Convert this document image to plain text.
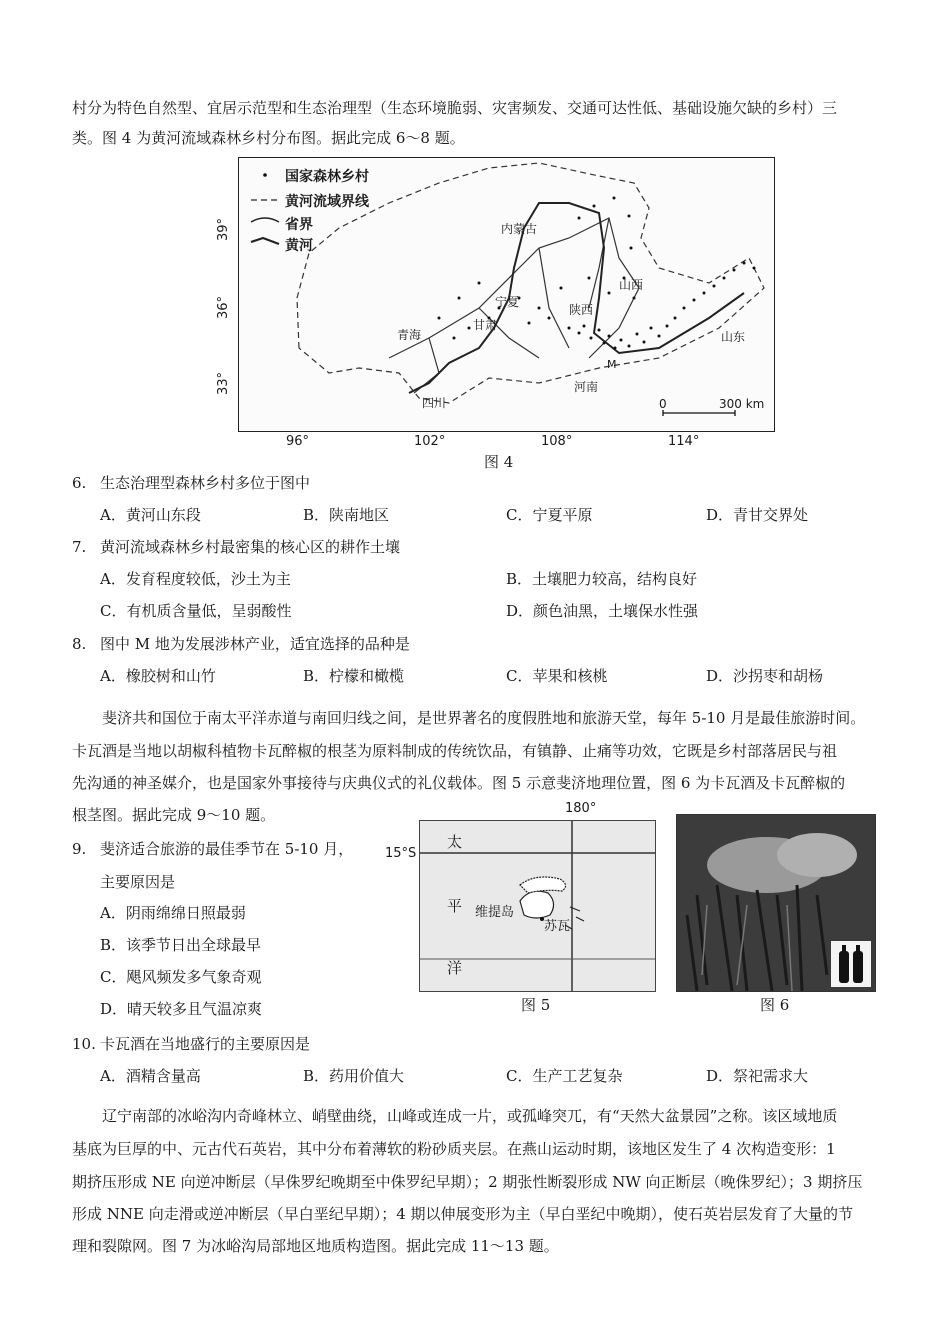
村分为特色自然型、宜居示范型和生态治理型（生态环境脆弱、灾害频发、交通可达性低、基础设施欠缺的乡村）三
类。图 4 为黄河流域森林乡村分布图。据此完成 6～8 题。
国家森林乡村
黄河流域界线
省界
黄河
内蒙古
山西
宁夏
陕西
青海
甘肃
山东
河南
四川
M
0	300 km
39°
36°
33°
96°	102°	108°	114°
图 4
6. 生态治理型森林乡村多位于图中
A．黄河山东段	B．陕南地区	C．宁夏平原	D．青甘交界处
7. 黄河流域森林乡村最密集的核心区的耕作土壤
A．发育程度较低，沙土为主	B．土壤肥力较高，结构良好
C．有机质含量低，呈弱酸性	D．颜色油黑，土壤保水性强
8. 图中 M 地为发展涉林产业，适宜选择的品种是
A．橡胶树和山竹	B．柠檬和橄榄	C．苹果和核桃	D．沙拐枣和胡杨
斐济共和国位于南太平洋赤道与南回归线之间，是世界著名的度假胜地和旅游天堂，每年 5-10 月是最佳旅游时间。
卡瓦酒是当地以胡椒科植物卡瓦醉椒的根茎为原料制成的传统饮品，有镇静、止痛等功效，它既是乡村部落居民与祖
先沟通的神圣媒介，也是国家外事接待与庆典仪式的礼仪载体。图 5 示意斐济地理位置，图 6 为卡瓦酒及卡瓦醉椒的
根茎图。据此完成 9～10 题。
9. 斐济适合旅游的最佳季节在 5-10 月，
主要原因是
A．阴雨绵绵日照最弱
B．该季节日出全球最早
C．飓风频发多气象奇观
D．晴天较多且气温凉爽
180°
15°S
太
平
洋
维提岛
苏瓦
图 5	图 6
10. 卡瓦酒在当地盛行的主要原因是
A．酒精含量高	B．药用价值大	C．生产工艺复杂	D．祭祀需求大
辽宁南部的冰峪沟内奇峰林立、峭壁曲绕，山峰或连成一片，或孤峰突兀，有“天然大盆景园”之称。该区域地质
基底为巨厚的中、元古代石英岩，其中分布着薄软的粉砂质夹层。在燕山运动时期，该地区发生了 4 次构造变形：1
期挤压形成 NE 向逆冲断层（早侏罗纪晚期至中侏罗纪早期）；2 期张性断裂形成 NW 向正断层（晚侏罗纪）；3 期挤压
形成 NNE 向走滑或逆冲断层（早白垩纪早期）；4 期以伸展变形为主（早白垩纪中晚期），使石英岩层发育了大量的节
理和裂隙网。图 7 为冰峪沟局部地区地质构造图。据此完成 11～13 题。
